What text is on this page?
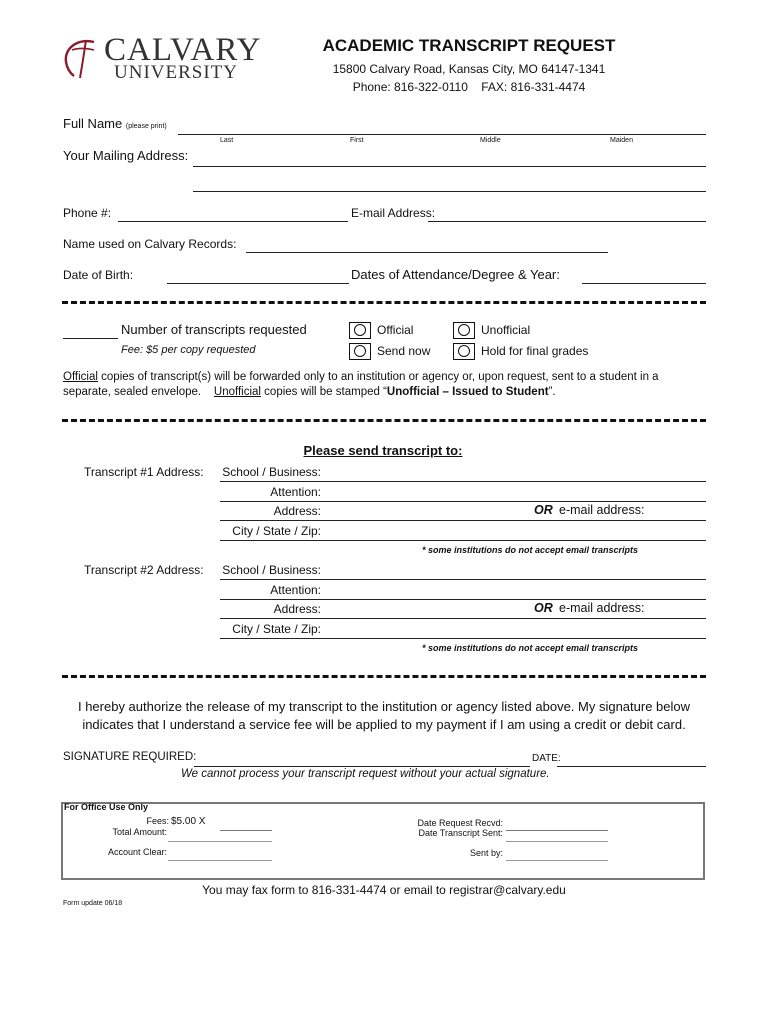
CALVARY
UNIVERSITY
ACADEMIC TRANSCRIPT REQUEST
15800 Calvary Road, Kansas City, MO 64147-1341
Phone: 816-322-0110    FAX: 816-331-4474
Full Name (please print)
Last	First	Middle	Maiden
Your Mailing Address:
Phone #:	E-mail Address:
Name used on Calvary Records:
Date of Birth:	Dates of Attendance/Degree & Year:
Number of transcripts requested
Fee: $5 per copy requested
Official	Unofficial
Send now	Hold for final grades
Official copies of transcript(s) will be forwarded only to an institution or agency or, upon request, sent to a student in a
separate, sealed envelope. Unofficial copies will be stamped “Unofficial – Issued to Student”.
Please send transcript to:
Transcript #1 Address:	School / Business:
Attention:
Address:	OR e-mail address:
City / State / Zip:
* some institutions do not accept email transcripts
Transcript #2 Address:	School / Business:
Attention:
Address:	OR e-mail address:
City / State / Zip:
* some institutions do not accept email transcripts
I hereby authorize the release of my transcript to the institution or agency listed above. My signature below
indicates that I understand a service fee will be applied to my payment if I am using a credit or debit card.
SIGNATURE REQUIRED:	DATE:
We cannot process your transcript request without your actual signature.
For Office Use Only
Fees: $5.00 X
Total Amount:
Account Clear:
Date Request Recvd:
Date Transcript Sent:
Sent by:
You may fax form to 816-331-4474 or email to registrar@calvary.edu
Form update 06/18
